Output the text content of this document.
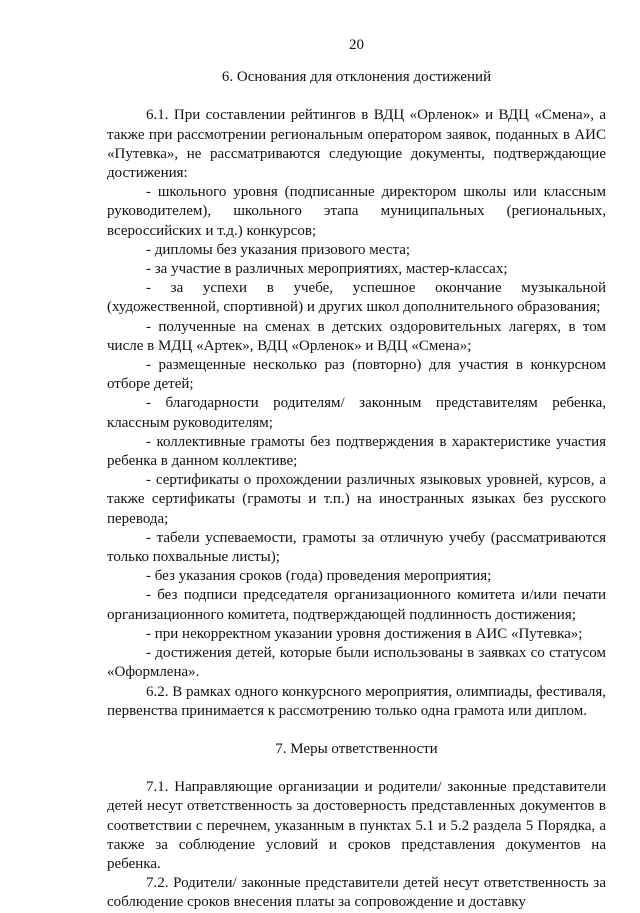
20
6. Основания для отклонения достижений

6.1. При составлении рейтингов в ВДЦ «Орленок» и ВДЦ «Смена», а также при рассмотрении региональным оператором заявок, поданных в АИС «Путевка», не рассматриваются следующие документы, подтверждающие достижения:

- школьного уровня (подписанные директором школы или классным руководителем), школьного этапа муниципальных (региональных, всероссийских и т.д.) конкурсов;

- дипломы без указания призового места;

- за участие в различных мероприятиях, мастер-классах;

- за успехи в учебе, успешное окончание музыкальной (художественной, спортивной) и других школ дополнительного образования;

- полученные на сменах в детских оздоровительных лагерях, в том числе в МДЦ «Артек», ВДЦ «Орленок» и ВДЦ «Смена»;

- размещенные несколько раз (повторно) для участия в конкурсном отборе детей;

- благодарности родителям/ законным представителям ребенка, классным руководителям;

- коллективные грамоты без подтверждения в характеристике участия ребенка в данном коллективе;

- сертификаты о прохождении различных языковых уровней, курсов, а также сертификаты (грамоты и т.п.) на иностранных языках без русского перевода;

- табели успеваемости, грамоты за отличную учебу (рассматриваются только похвальные листы);

- без указания сроков (года) проведения мероприятия;

- без подписи председателя организационного комитета и/или печати организационного комитета, подтверждающей подлинность достижения;

- при некорректном указании уровня достижения в АИС «Путевка»;

- достижения детей, которые были использованы в заявках со статусом «Оформлена».

6.2. В рамках одного конкурсного мероприятия, олимпиады, фестиваля, первенства принимается к рассмотрению только одна грамота или диплом.

7. Меры ответственности

7.1. Направляющие организации и родители/ законные представители детей несут ответственность за достоверность представленных документов в соответствии с перечнем, указанным в пунктах 5.1 и 5.2 раздела 5 Порядка, а также за соблюдение условий и сроков представления документов на ребенка.

7.2. Родители/ законные представители детей несут ответственность за соблюдение сроков внесения платы за сопровождение и доставку
